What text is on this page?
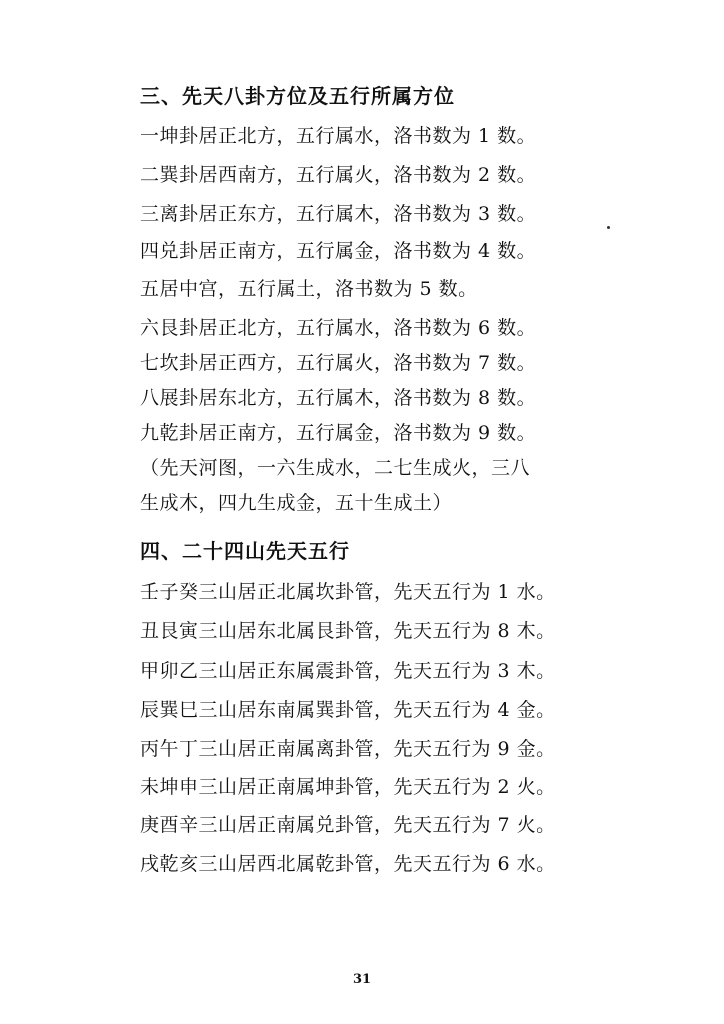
三、先天八卦方位及五行所属方位
一坤卦居正北方，五行属水，洛书数为 1 数。
二巽卦居西南方，五行属火，洛书数为 2 数。
三离卦居正东方，五行属木，洛书数为 3 数。
四兑卦居正南方，五行属金，洛书数为 4 数。
五居中宫，五行属土，洛书数为 5 数。
六艮卦居正北方，五行属水，洛书数为 6 数。
七坎卦居正西方，五行属火，洛书数为 7 数。
八展卦居东北方，五行属木，洛书数为 8 数。
九乾卦居正南方，五行属金，洛书数为 9 数。
（先天河图，一六生成水，二七生成火，三八
生成木，四九生成金，五十生成土）
四、二十四山先天五行
壬子癸三山居正北属坎卦管，先天五行为 1 水。
丑艮寅三山居东北属艮卦管，先天五行为 8 木。
甲卯乙三山居正东属震卦管，先天五行为 3 木。
辰巽巳三山居东南属巽卦管，先天五行为 4 金。
丙午丁三山居正南属离卦管，先天五行为 9 金。
未坤申三山居正南属坤卦管，先天五行为 2 火。
庚酉辛三山居正南属兑卦管，先天五行为 7 火。
戌乾亥三山居西北属乾卦管，先天五行为 6 水。
31
